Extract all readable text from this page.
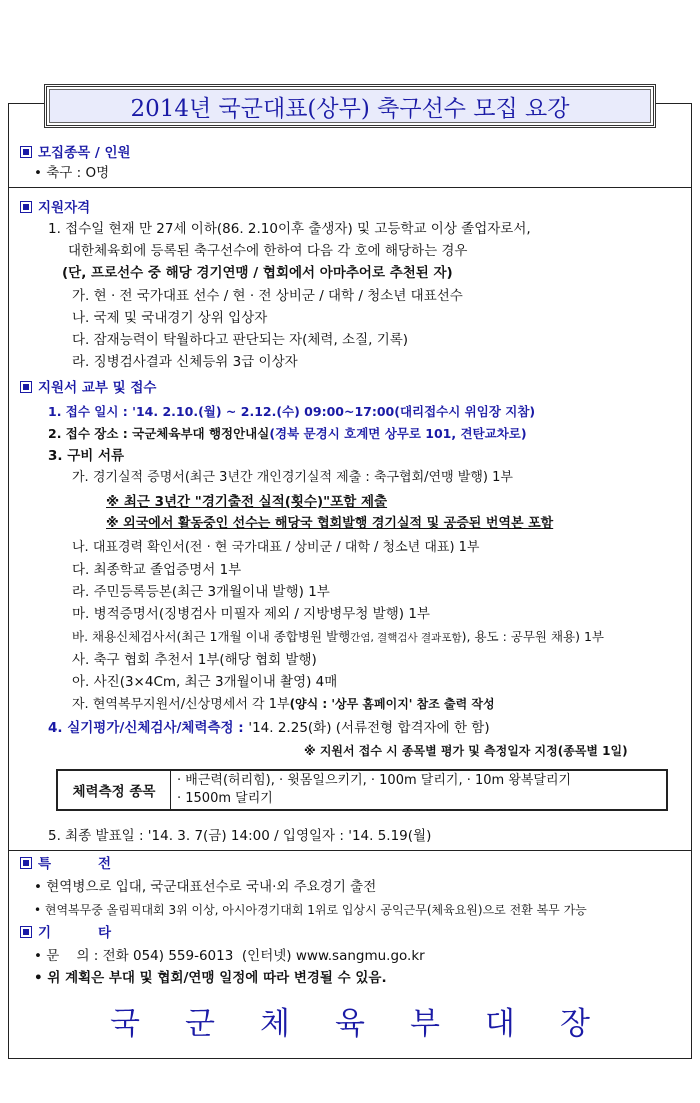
2014년 국군대표(상무) 축구선수 모집 요강
모집종목 / 인원
• 축구 : O명
지원자격
1. 접수일 현재 만 27세 이하(86. 2.10이후 출생자) 및 고등학교 이상 졸업자로서,
대한체육회에 등록된 축구선수에 한하여 다음 각 호에 해당하는 경우
(단, 프로선수 중 해당 경기연맹 / 협회에서 아마추어로 추천된 자)
가. 현 · 전 국가대표 선수 / 현 · 전 상비군 / 대학 / 청소년 대표선수
나. 국제 및 국내경기 상위 입상자
다. 잠재능력이 탁월하다고 판단되는 자(체력, 소질, 기록)
라. 징병검사결과 신체등위 3급 이상자
지원서 교부 및 접수
1. 접수 일시 : '14. 2.10.(월) ~ 2.12.(수) 09:00~17:00(대리접수시 위임장 지참)
2. 접수 장소 : 국군체육부대 행정안내실(경북 문경시 호계면 상무로 101, 견탄교차로)
3. 구비 서류
가. 경기실적 증명서(최근 3년간 개인경기실적 제출 : 축구협회/연맹 발행) 1부
※ 최근 3년간 "경기출전 실적(횟수)"포함 제출
※ 외국에서 활동중인 선수는 해당국 협회발행 경기실적 및 공증된 번역본 포함
나. 대표경력 확인서(전 · 현 국가대표 / 상비군 / 대학 / 청소년 대표) 1부
다. 최종학교 졸업증명서 1부
라. 주민등록등본(최근 3개월이내 발행) 1부
마. 병적증명서(징병검사 미필자 제외 / 지방병무청 발행) 1부
바. 채용신체검사서(최근 1개월 이내 종합병원 발행간염, 결핵검사 결과포함), 용도 : 공무원 채용) 1부
사. 축구 협회 추천서 1부(해당 협회 발행)
아. 사진(3×4Cm, 최근 3개월이내 촬영) 4매
자. 현역복무지원서/신상명세서 각 1부(양식 : '상무 홈페이지' 참조 출력 작성
4. 실기평가/신체검사/체력측정 : '14. 2.25(화) (서류전형 합격자에 한 함)
※ 지원서 접수 시 종목별 평가 및 측정일자 지정(종목별 1일)
체력측정 종목
· 배근력(허리힘), · 윗몸일으키기, · 100m 달리기, · 10m 왕복달리기
· 1500m 달리기
5. 최종 발표일 : '14. 3. 7(금) 14:00 / 입영일자 : '14. 5.19(월)
특          전
• 현역병으로 입대, 국군대표선수로 국내·외 주요경기 출전
• 현역복무중 올림픽대회 3위 이상, 아시아경기대회 1위로 입상시 공익근무(체육요원)으로 전환 복무 가능
기          타
• 문    의 : 전화 054) 559-6013  (인터넷) www.sangmu.go.kr
• 위 계획은 부대 및 협회/연맹 일정에 따라 변경될 수 있음.
국 군 체 육 부 대 장
